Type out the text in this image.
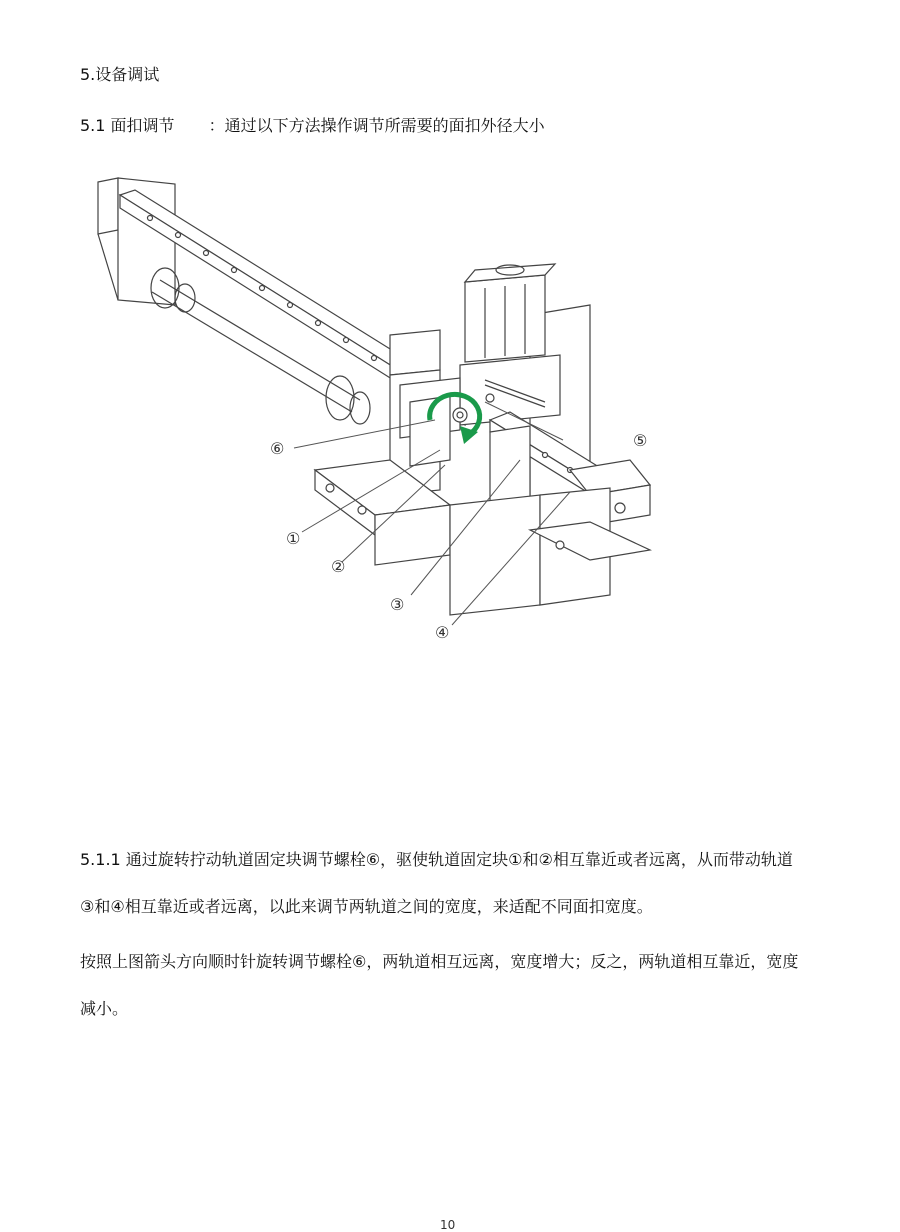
5.设备调试
5.1 面扣调节 ：通过以下方法操作调节所需要的面扣外径大小
⑥	⑤
①
②
③
④
5.1.1 通过旋转拧动轨道固定块调节螺栓⑥，驱使轨道固定块①和②相互靠近或者远离，从而带动轨道
③和④相互靠近或者远离，以此来调节两轨道之间的宽度，来适配不同面扣宽度。
按照上图箭头方向顺时针旋转调节螺栓⑥，两轨道相互远离，宽度增大；反之，两轨道相互靠近，宽度
减小。
10
